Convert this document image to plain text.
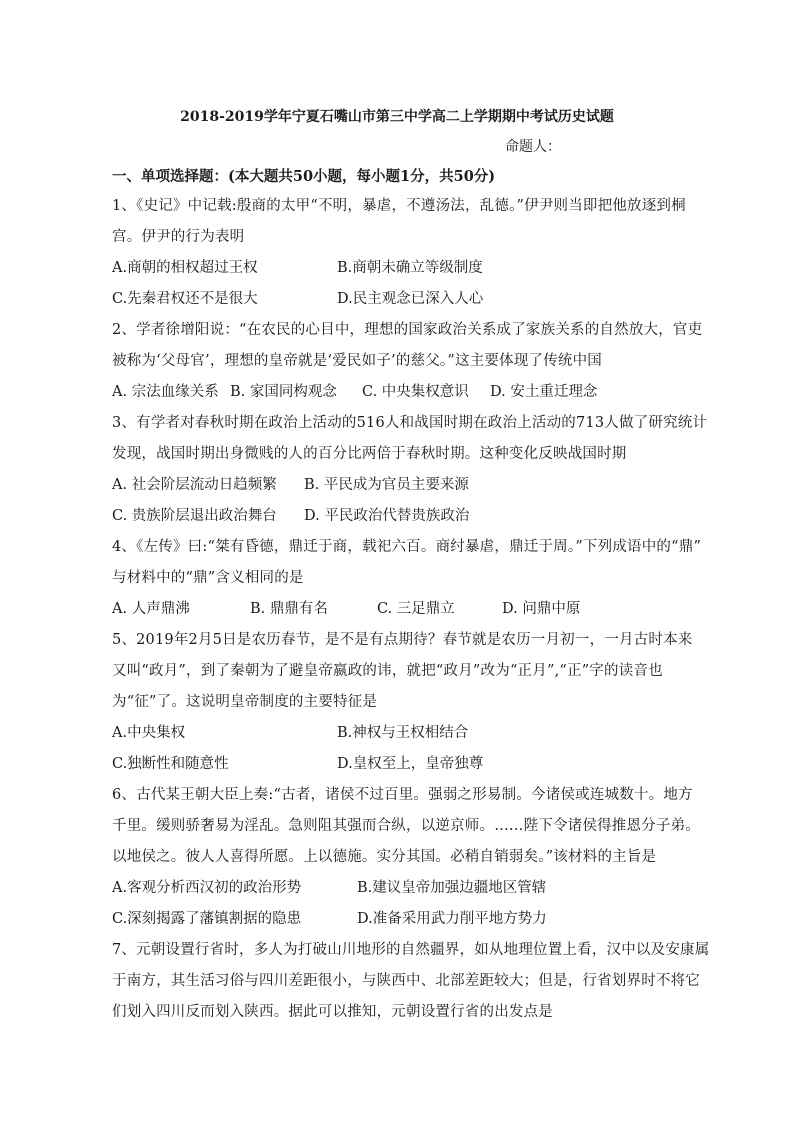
2018-2019学年宁夏石嘴山市第三中学高二上学期期中考试历史试题
命题人：
一、单项选择题：(本大题共50小题，每小题1分，共50分)
1、《史记》中记载:殷商的太甲“不明，暴虐，不遵汤法，乱德。”伊尹则当即把他放逐到桐
宫。伊尹的行为表明
A.商朝的相权超过王权	B.商朝未确立等级制度
C.先秦君权还不是很大	D.民主观念已深入人心
2、学者徐增阳说：“在农民的心目中，理想的国家政治关系成了家族关系的自然放大，官吏
被称为‘父母官’，理想的皇帝就是‘爱民如子’的慈父。”这主要体现了传统中国
A. 宗法血缘关系 B. 家国同构观念 C. 中央集权意识 D. 安土重迁理念
3、有学者对春秋时期在政治上活动的516人和战国时期在政治上活动的713人做了研究统计
发现，战国时期出身微贱的人的百分比两倍于春秋时期。这种变化反映战国时期
A. 社会阶层流动日趋频繁 B. 平民成为官员主要来源
C. 贵族阶层退出政治舞台 D. 平民政治代替贵族政治
4、《左传》曰:“桀有昏德，鼎迁于商，载祀六百。商纣暴虐，鼎迁于周。”下列成语中的“鼎”
与材料中的“鼎”含义相同的是
A. 人声鼎沸	B. 鼎鼎有名	C. 三足鼎立	D. 问鼎中原
5、2019年2月5日是农历春节，是不是有点期待？春节就是农历一月初一，一月古时本来
又叫“政月”，到了秦朝为了避皇帝嬴政的讳，就把“政月”改为“正月”,“正”字的读音也
为“征”了。这说明皇帝制度的主要特征是
A.中央集权	B.神权与王权相结合
C.独断性和随意性	D.皇权至上，皇帝独尊
6、古代某王朝大臣上奏:“古者，诸侯不过百里。强弱之形易制。今诸侯或连城数十。地方
千里。缓则骄奢易为淫乱。急则阻其强而合纵，以逆京师。……陛下令诸侯得推恩分子弟。
以地侯之。彼人人喜得所愿。上以德施。实分其国。必稍自销弱矣。”该材料的主旨是
A.客观分析西汉初的政治形势	B.建议皇帝加强边疆地区管辖
C.深刻揭露了藩镇割据的隐患	D.准备采用武力削平地方势力
7、元朝设置行省时，多人为打破山川地形的自然疆界，如从地理位置上看，汉中以及安康属
于南方，其生活习俗与四川差距很小，与陕西中、北部差距较大；但是，行省划界时不将它
们划入四川反而划入陕西。据此可以推知，元朝设置行省的出发点是
